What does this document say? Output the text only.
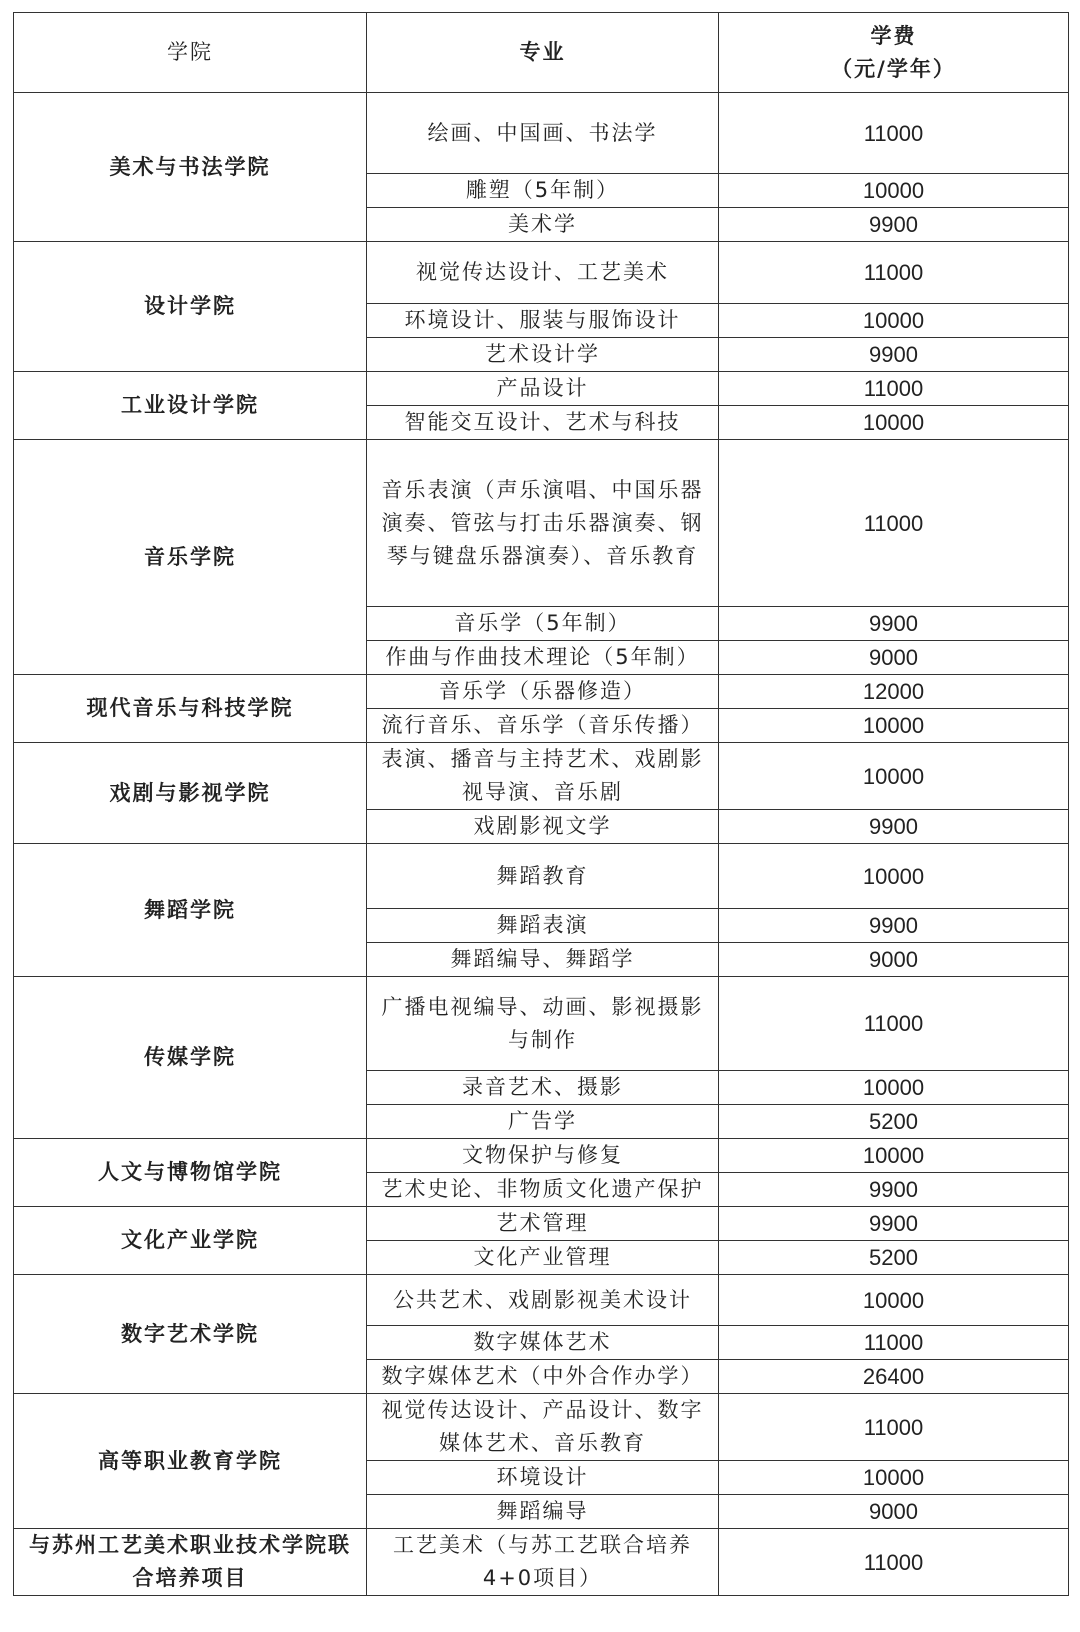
学院	专业	学费
（元/学年）

美术与书法学院	绘画、中国画、书法学	11000
	雕塑（5年制）	10000
	美术学	9900
设计学院	视觉传达设计、工艺美术	11000
	环境设计、服装与服饰设计	10000
	艺术设计学	9900
工业设计学院	产品设计	11000
	智能交互设计、艺术与科技	10000
音乐学院	音乐表演（声乐演唱、中国乐器演奏、管弦与打击乐器演奏、钢琴与键盘乐器演奏）、音乐教育	11000
	音乐学（5年制）	9900
	作曲与作曲技术理论（5年制）	9000
现代音乐与科技学院	音乐学（乐器修造）	12000
	流行音乐、音乐学（音乐传播）	10000
戏剧与影视学院	表演、播音与主持艺术、戏剧影视导演、音乐剧	10000
	戏剧影视文学	9900
舞蹈学院	舞蹈教育	10000
	舞蹈表演	9900
	舞蹈编导、舞蹈学	9000
传媒学院	广播电视编导、动画、影视摄影与制作	11000
	录音艺术、摄影	10000
	广告学	5200
人文与博物馆学院	文物保护与修复	10000
	艺术史论、非物质文化遗产保护	9900
文化产业学院	艺术管理	9900
	文化产业管理	5200
数字艺术学院	公共艺术、戏剧影视美术设计	10000
	数字媒体艺术	11000
	数字媒体艺术（中外合作办学）	26400
高等职业教育学院	视觉传达设计、产品设计、数字媒体艺术、音乐教育	11000
	环境设计	10000
	舞蹈编导	9000
与苏州工艺美术职业技术学院联合培养项目	工艺美术（与苏工艺联合培养4+0项目）	11000
